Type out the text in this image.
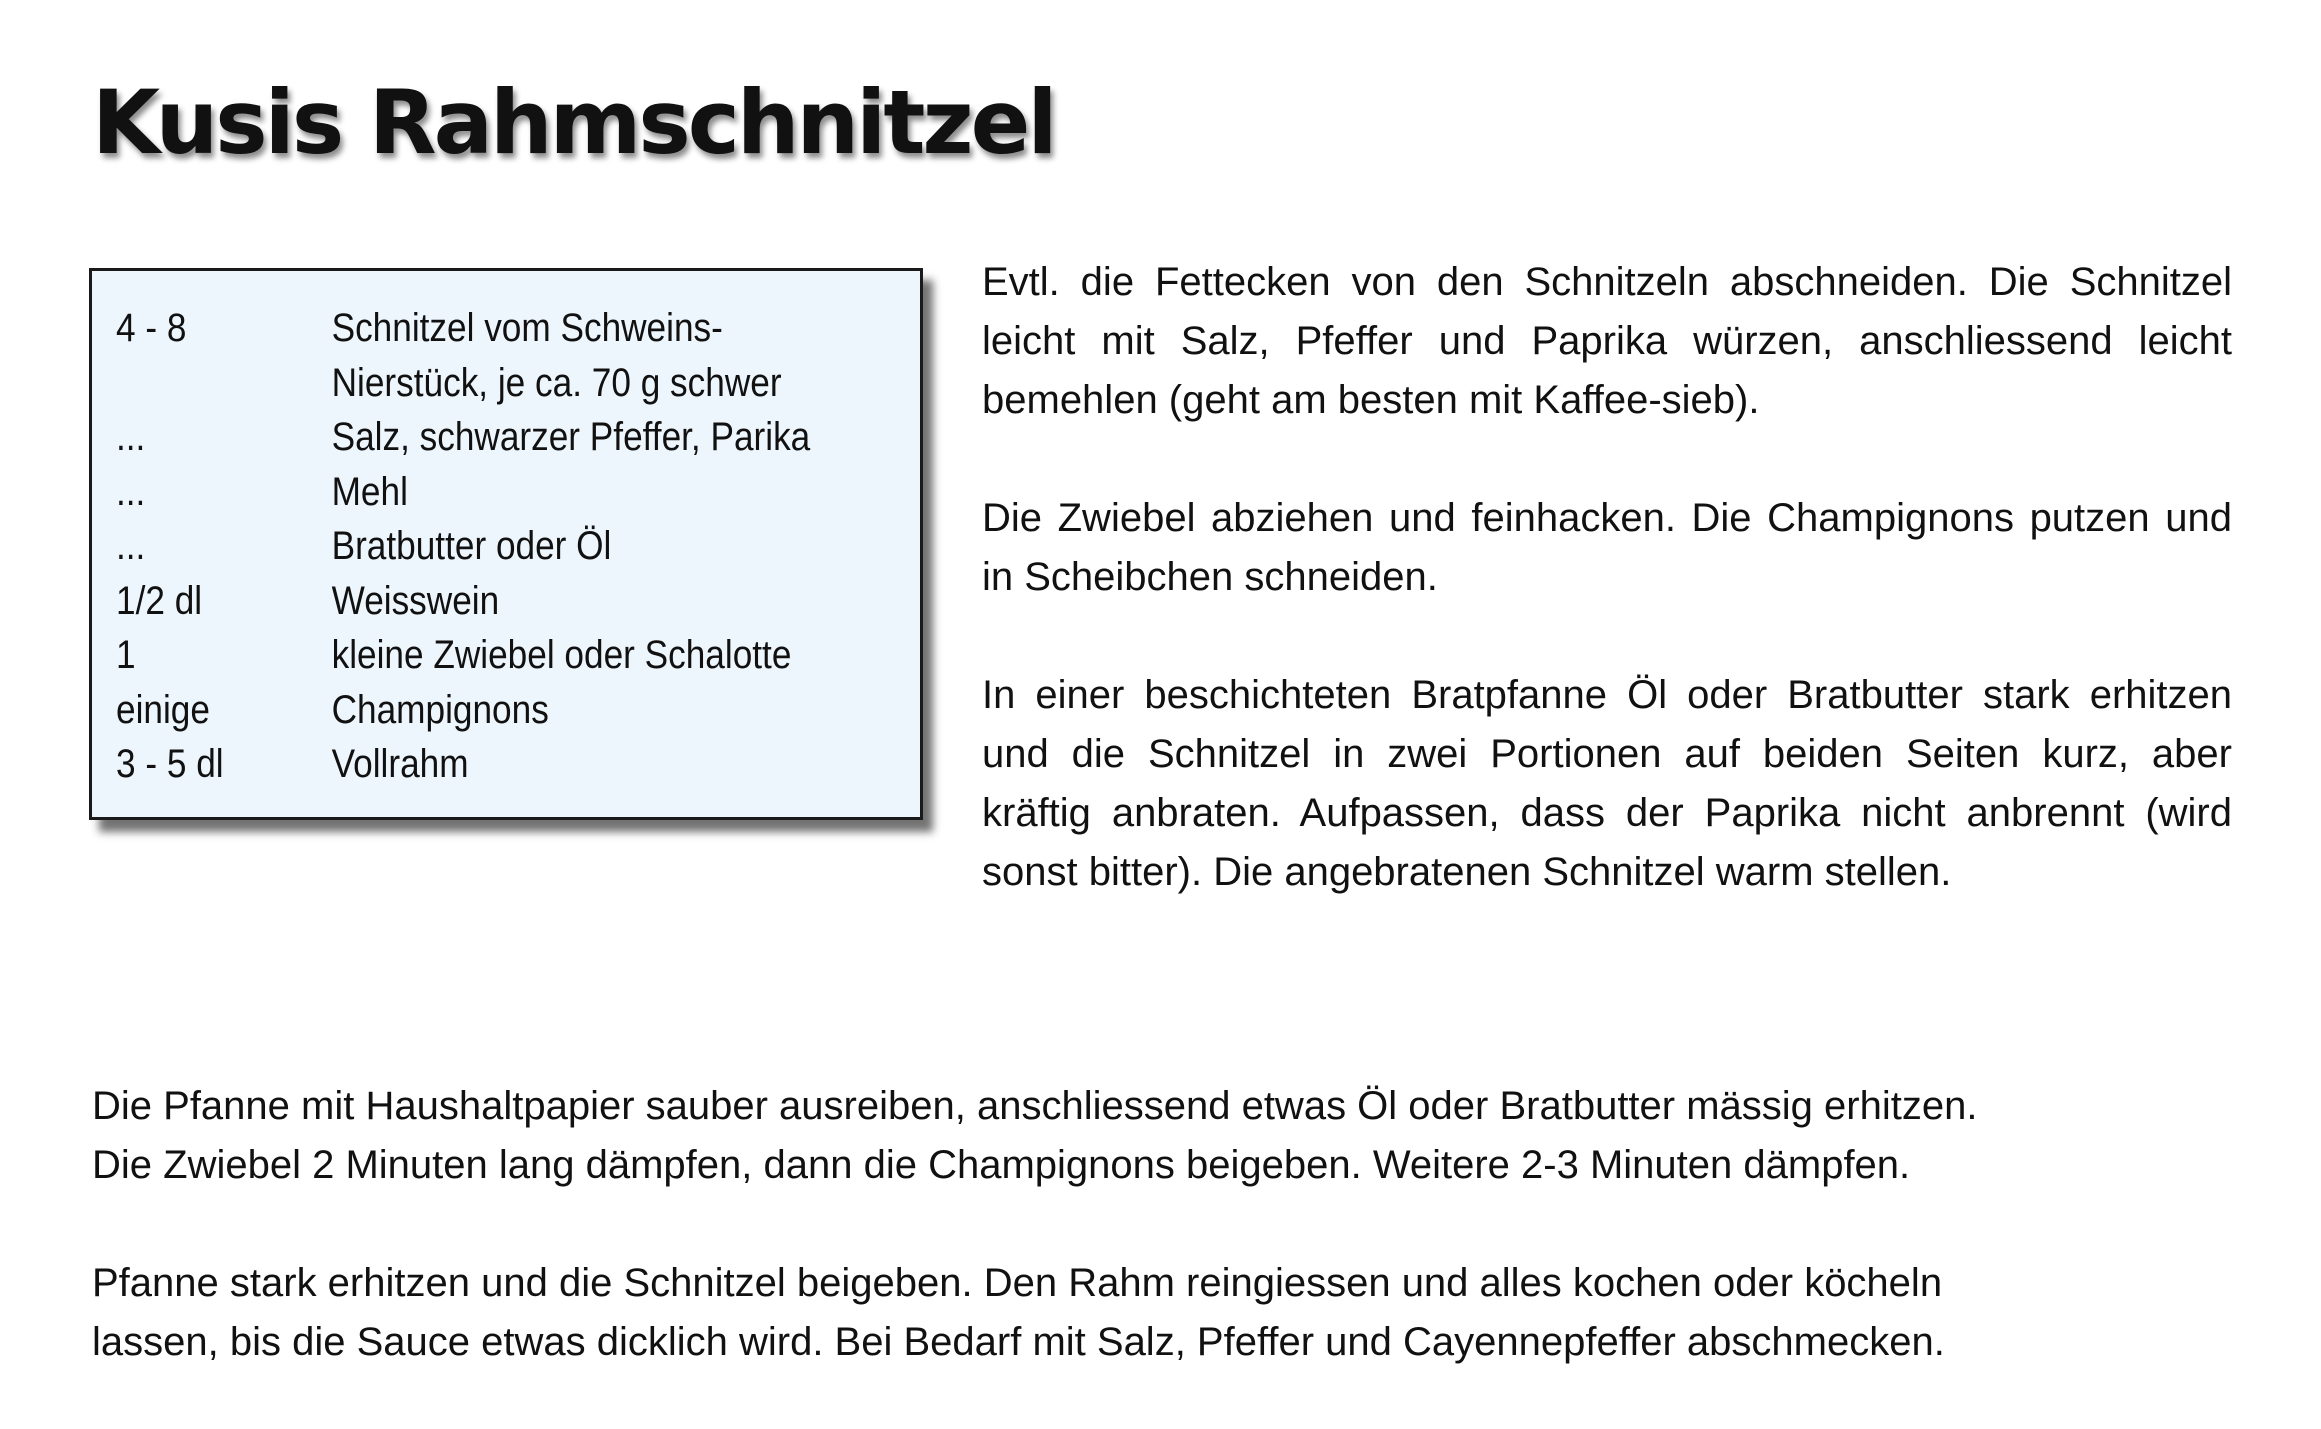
Kusis Rahmschnitzel
4 - 8	Schnitzel vom Schweins-
Nierstück, je ca. 70 g schwer
...	Salz, schwarzer Pfeffer, Parika
...	Mehl
...	Bratbutter oder Öl
1/2 dl	Weisswein
1	kleine Zwiebel oder Schalotte
einige	Champignons
3 - 5 dl	Vollrahm

Evtl. die Fettecken von den Schnitzeln abschneiden. Die Schnitzel leicht mit Salz, Pfeffer und Paprika würzen, anschliessend leicht bemehlen (geht am besten mit Kaffee-sieb).

Die Zwiebel abziehen und feinhacken. Die Champignons putzen und in Scheibchen schneiden.

In einer beschichteten Bratpfanne Öl oder Bratbutter stark erhitzen und die Schnitzel in zwei Portionen auf beiden Seiten kurz, aber kräftig anbraten. Aufpassen, dass der Paprika nicht anbrennt (wird sonst bitter). Die angebratenen Schnitzel warm stellen.

Die Pfanne mit Haushaltpapier sauber ausreiben, anschliessend etwas Öl oder Bratbutter mässig erhitzen.
Die Zwiebel 2 Minuten lang dämpfen, dann die Champignons beigeben. Weitere 2-3 Minuten dämpfen.
Pfanne stark erhitzen und die Schnitzel beigeben. Den Rahm reingiessen und alles kochen oder köcheln
lassen, bis die Sauce etwas dicklich wird. Bei Bedarf mit Salz, Pfeffer und Cayennepfeffer abschmecken.
